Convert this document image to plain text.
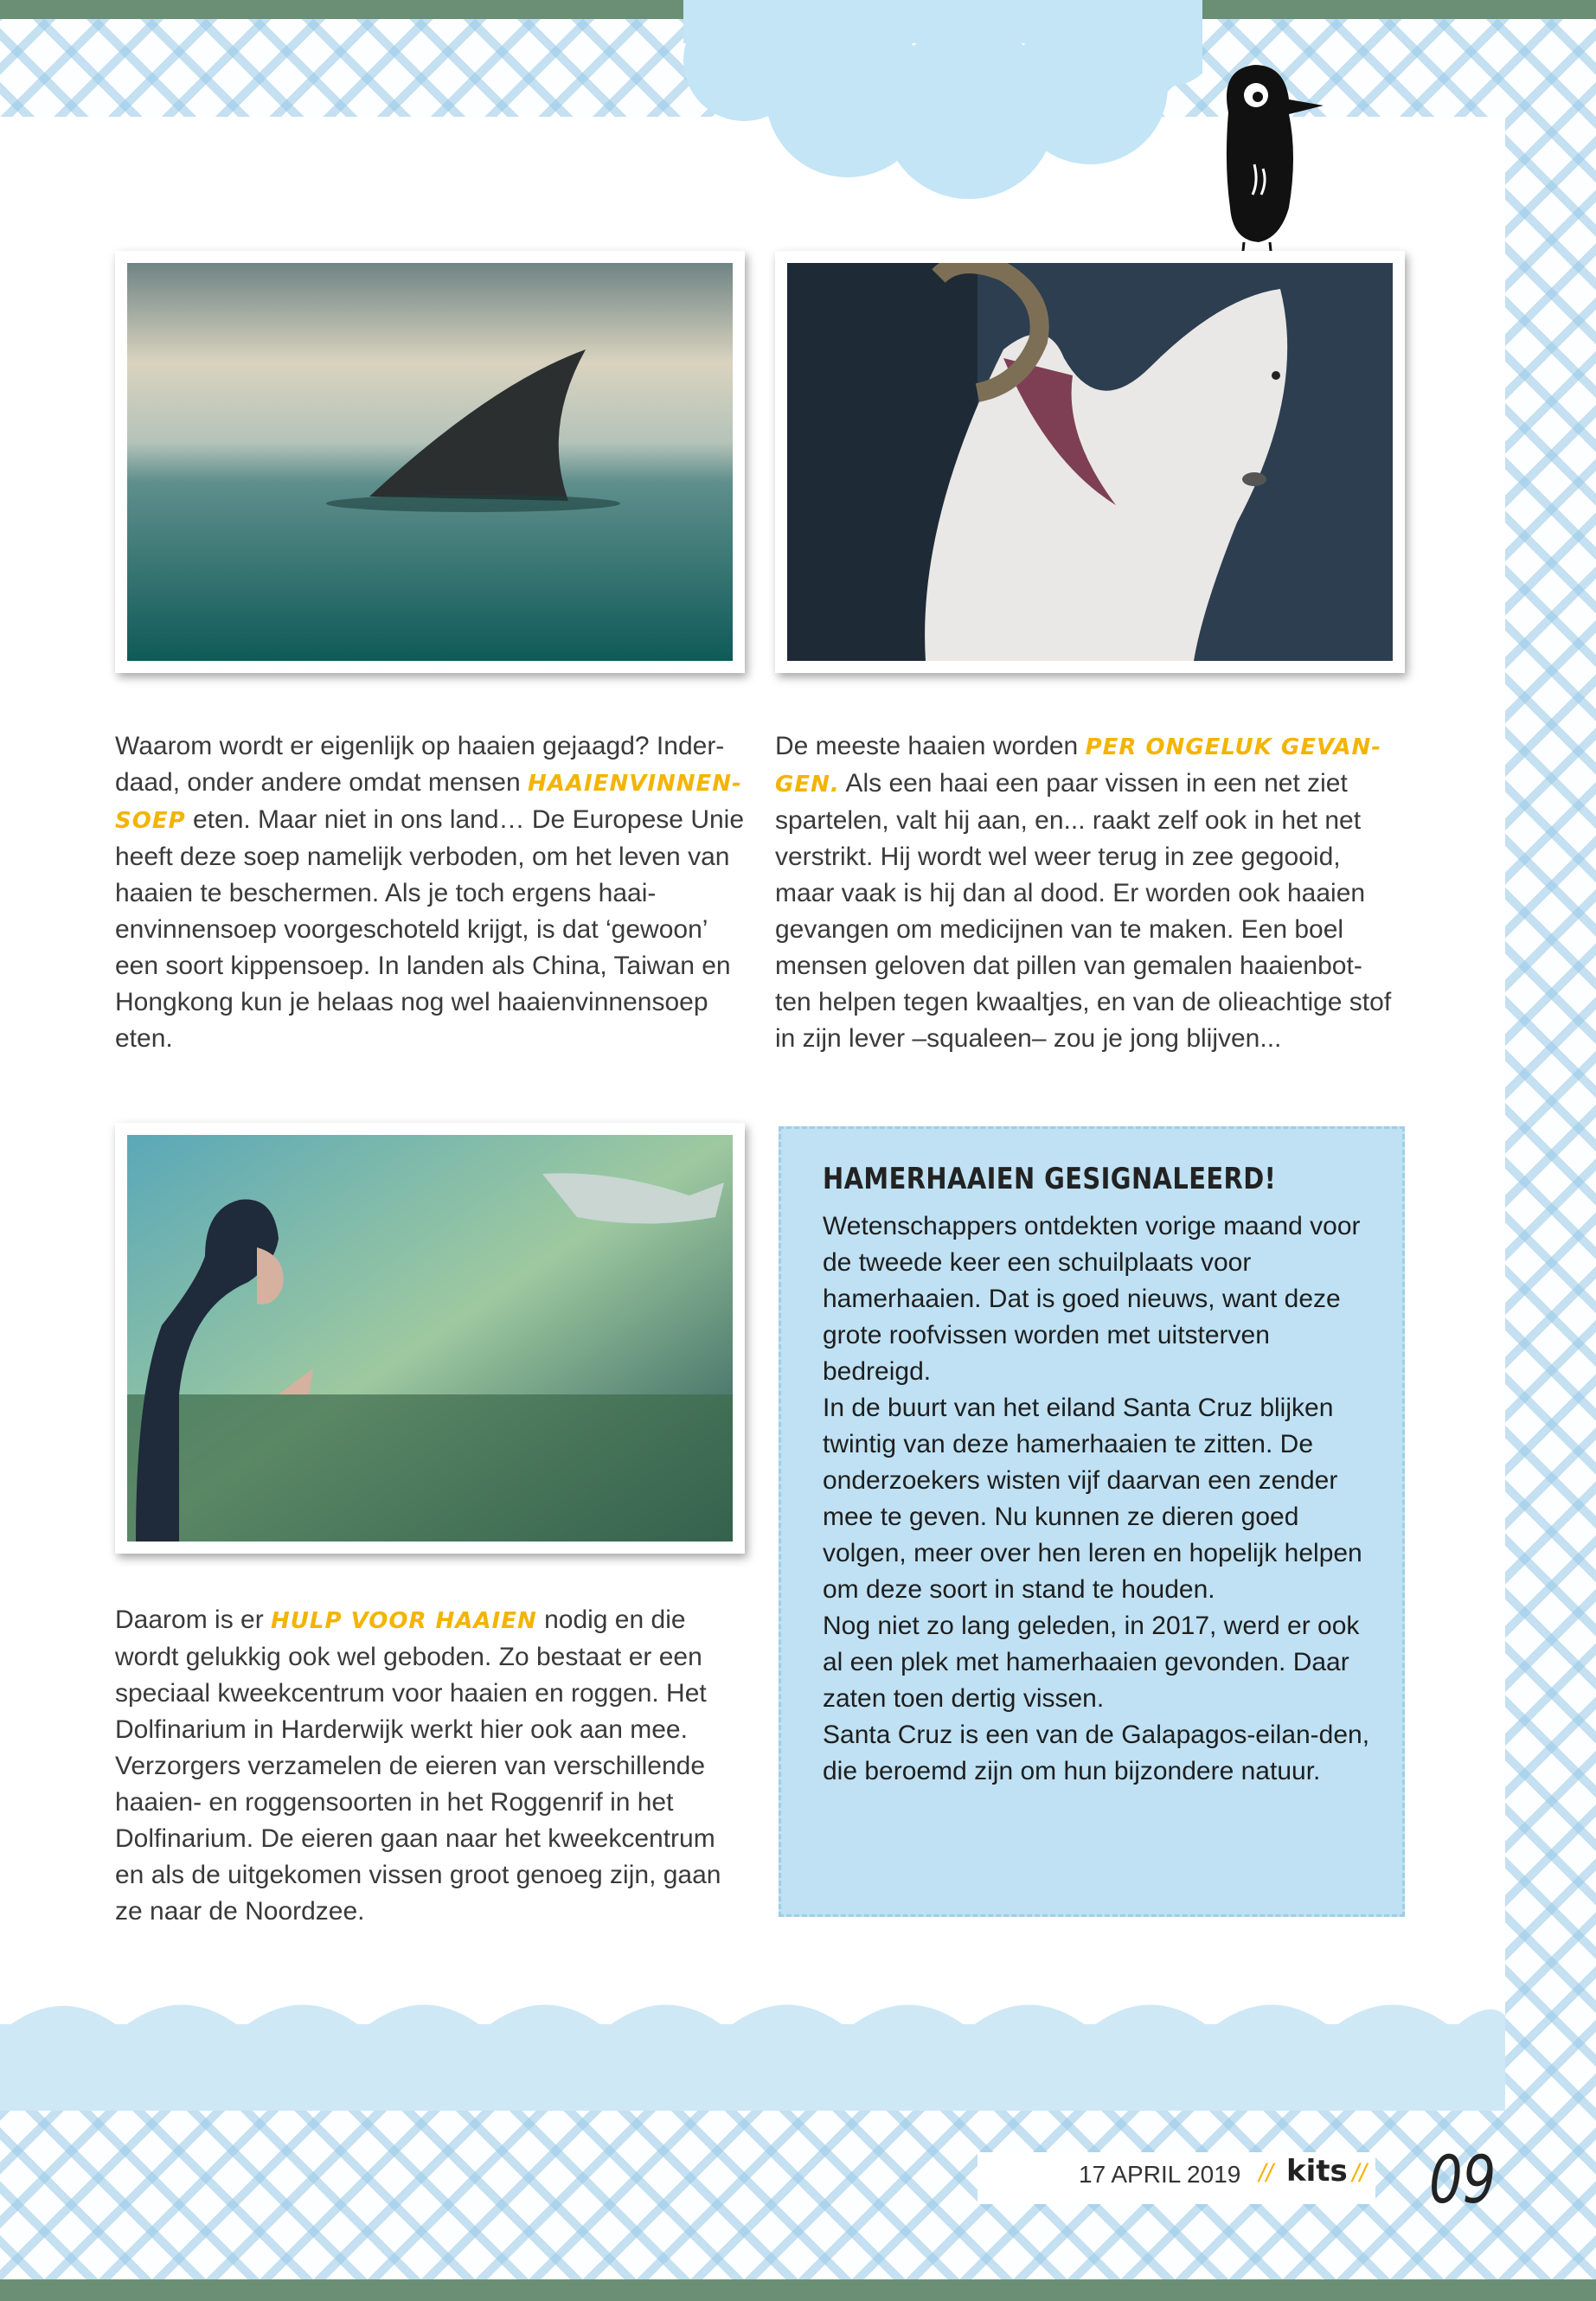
Waarom wordt er eigenlijk op haaien gejaagd? Inder-daad, onder andere omdat mensen HAAIENVINNEN-SOEP eten. Maar niet in ons land… De Europese Unie heeft deze soep namelijk verboden, om het leven van haaien te beschermen. Als je toch ergens haai-envinnensoep voorgeschoteld krijgt, is dat ‘gewoon’ een soort kippensoep. In landen als China, Taiwan en Hongkong kun je helaas nog wel haaienvinnensoep eten.

De meeste haaien worden PER ONGELUK GEVAN-GEN. Als een haai een paar vissen in een net ziet spartelen, valt hij aan, en... raakt zelf ook in het net verstrikt. Hij wordt wel weer terug in zee gegooid, maar vaak is hij dan al dood. Er worden ook haaien gevangen om medicijnen van te maken. Een boel mensen geloven dat pillen van gemalen haaienbot-ten helpen tegen kwaaltjes, en van de olieachtige stof in zijn lever –squaleen– zou je jong blijven...

Daarom is er HULP VOOR HAAIEN nodig en die wordt gelukkig ook wel geboden. Zo bestaat er een speciaal kweekcentrum voor haaien en roggen. Het Dolfinarium in Harderwijk werkt hier ook aan mee. Verzorgers verzamelen de eieren van verschillende haaien- en roggensoorten in het Roggenrif in het Dolfinarium. De eieren gaan naar het kweekcentrum en als de uitgekomen vissen groot genoeg zijn, gaan ze naar de Noordzee.

HAMERHAAIEN GESIGNALEERD!
Wetenschappers ontdekten vorige maand voor de tweede keer een schuilplaats voor hamerhaaien. Dat is goed nieuws, want deze grote roofvissen worden met uitsterven bedreigd.
In de buurt van het eiland Santa Cruz blijken twintig van deze hamerhaaien te zitten. De onderzoekers wisten vijf daarvan een zender mee te geven. Nu kunnen ze dieren goed volgen, meer over hen leren en hopelijk helpen om deze soort in stand te houden.
Nog niet zo lang geleden, in 2017, werd er ook al een plek met hamerhaaien gevonden. Daar zaten toen dertig vissen.
Santa Cruz is een van de Galapagos-eilan-den, die beroemd zijn om hun bijzondere natuur.
17 APRIL 2019 // kits // 09
